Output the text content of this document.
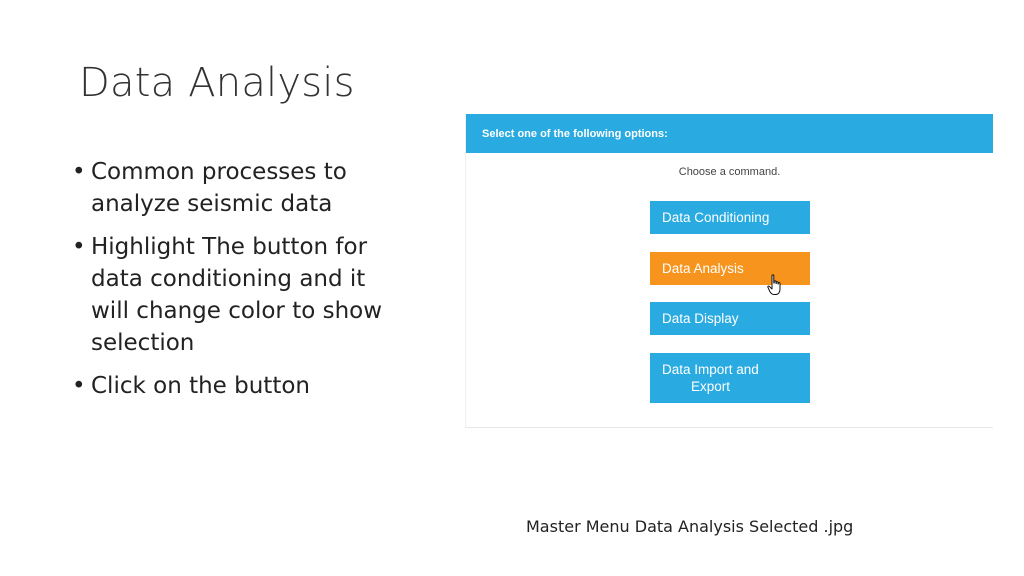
Data Analysis
• Common processes to analyze seismic data
• Highlight The button for data conditioning and it will change color to show selection
• Click on the button
Select one of the following options:
Choose a command.
Data Conditioning
Data Analysis
Data Display
Data Import and
Export
Master Menu Data Analysis Selected .jpg
